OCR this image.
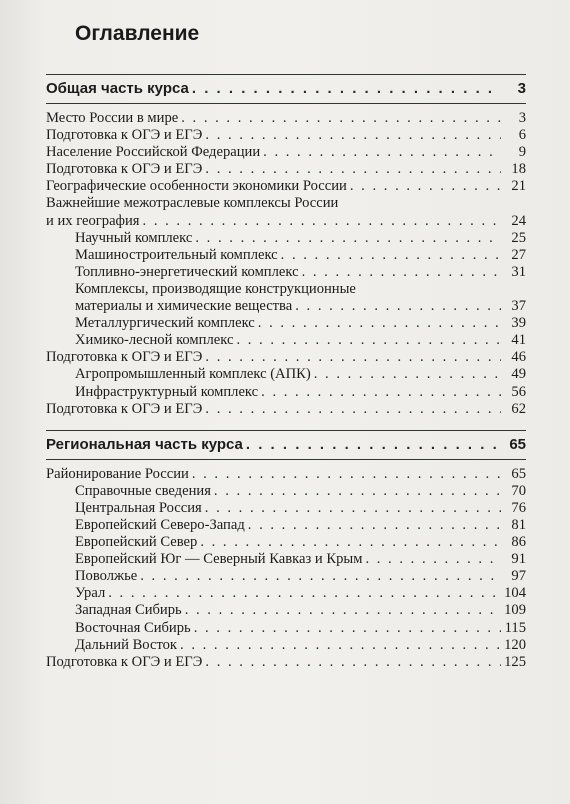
Оглавление
Общая часть курса . . .	3
Место России в мире . . .	3
Подготовка к ОГЭ и ЕГЭ . . .	6
Население Российской Федерации . . .	9
Подготовка к ОГЭ и ЕГЭ . . .	18
Географические особенности экономики России . . .	21
Важнейшие межотраслевые комплексы России
и их география . . .	24
Научный комплекс . . .	25
Машиностроительный комплекс . . .	27
Топливно-энергетический комплекс . . .	31
Комплексы, производящие конструкционные
материалы и химические вещества . . .	37
Металлургический комплекс . . .	39
Химико-лесной комплекс . . .	41
Подготовка к ОГЭ и ЕГЭ . . .	46
Агропромышленный комплекс (АПК) . . .	49
Инфраструктурный комплекс . . .	56
Подготовка к ОГЭ и ЕГЭ . . .	62
Региональная часть курса . . .	65
Районирование России . . .	65
Справочные сведения . . .	70
Центральная Россия . . .	76
Европейский Северо-Запад . . .	81
Европейский Север . . .	86
Европейский Юг — Северный Кавказ и Крым . . .	91
Поволжье . . .	97
Урал . . .	104
Западная Сибирь . . .	109
Восточная Сибирь . . .	115
Дальний Восток . . .	120
Подготовка к ОГЭ и ЕГЭ . . .	125
